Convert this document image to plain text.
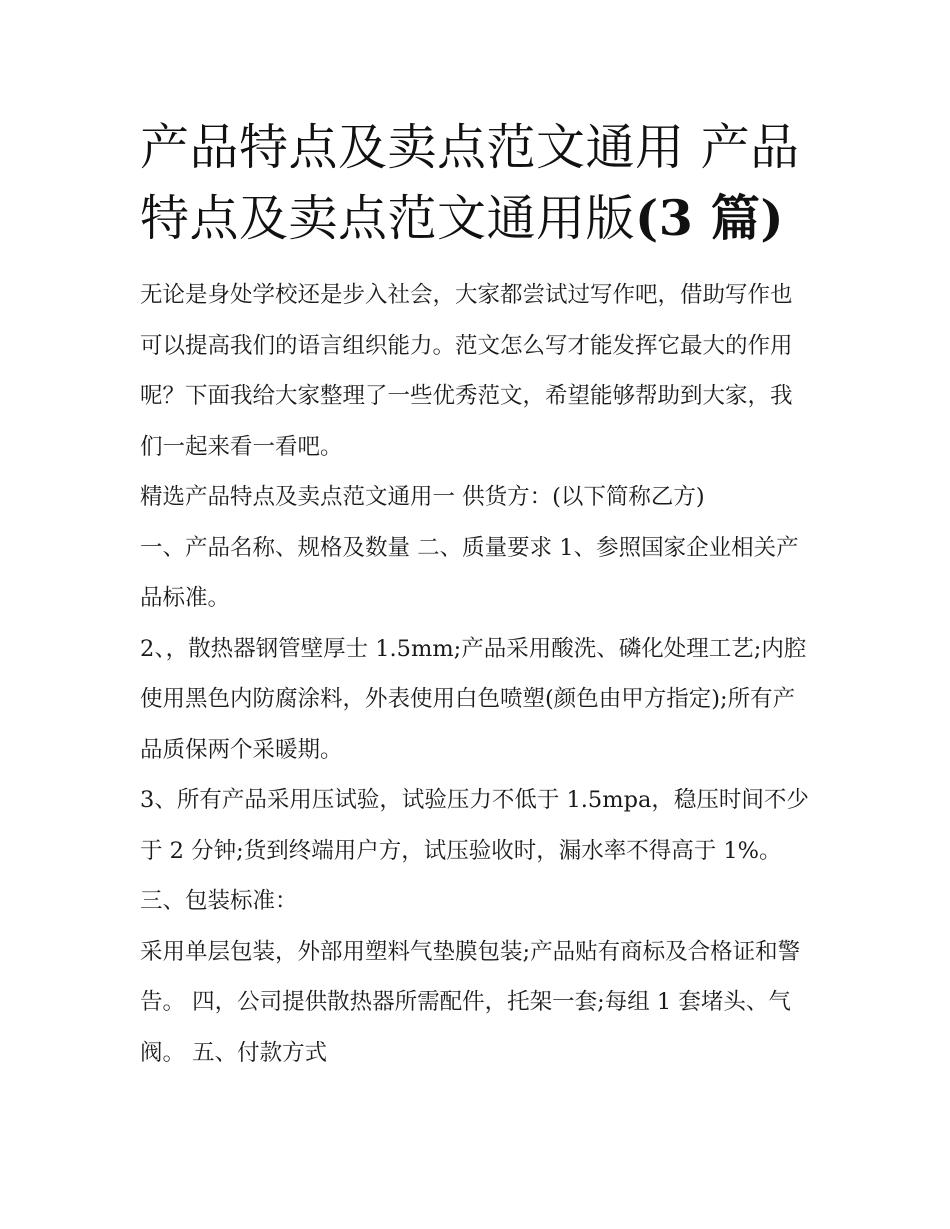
产品特点及卖点范文通用 产品特点及卖点范文通用版(3 篇)

无论是身处学校还是步入社会，大家都尝试过写作吧，借助写作也可以提高我们的语言组织能力。范文怎么写才能发挥它最大的作用呢？下面我给大家整理了一些优秀范文，希望能够帮助到大家，我们一起来看一看吧。

精选产品特点及卖点范文通用一 供货方：(以下简称乙方)

一、产品名称、规格及数量 二、质量要求 1、参照国家企业相关产品标准。

2、，散热器钢管壁厚士 1.5mm;产品采用酸洗、磷化处理工艺;内腔使用黑色内防腐涂料，外表使用白色喷塑(颜色由甲方指定);所有产品质保两个采暖期。

3、所有产品采用压试验，试验压力不低于 1.5mpa，稳压时间不少于 2 分钟;货到终端用户方，试压验收时，漏水率不得高于 1%。 三、包装标准：

采用单层包装，外部用塑料气垫膜包装;产品贴有商标及合格证和警告。 四，公司提供散热器所需配件，托架一套;每组 1 套堵头、气阀。 五、付款方式
